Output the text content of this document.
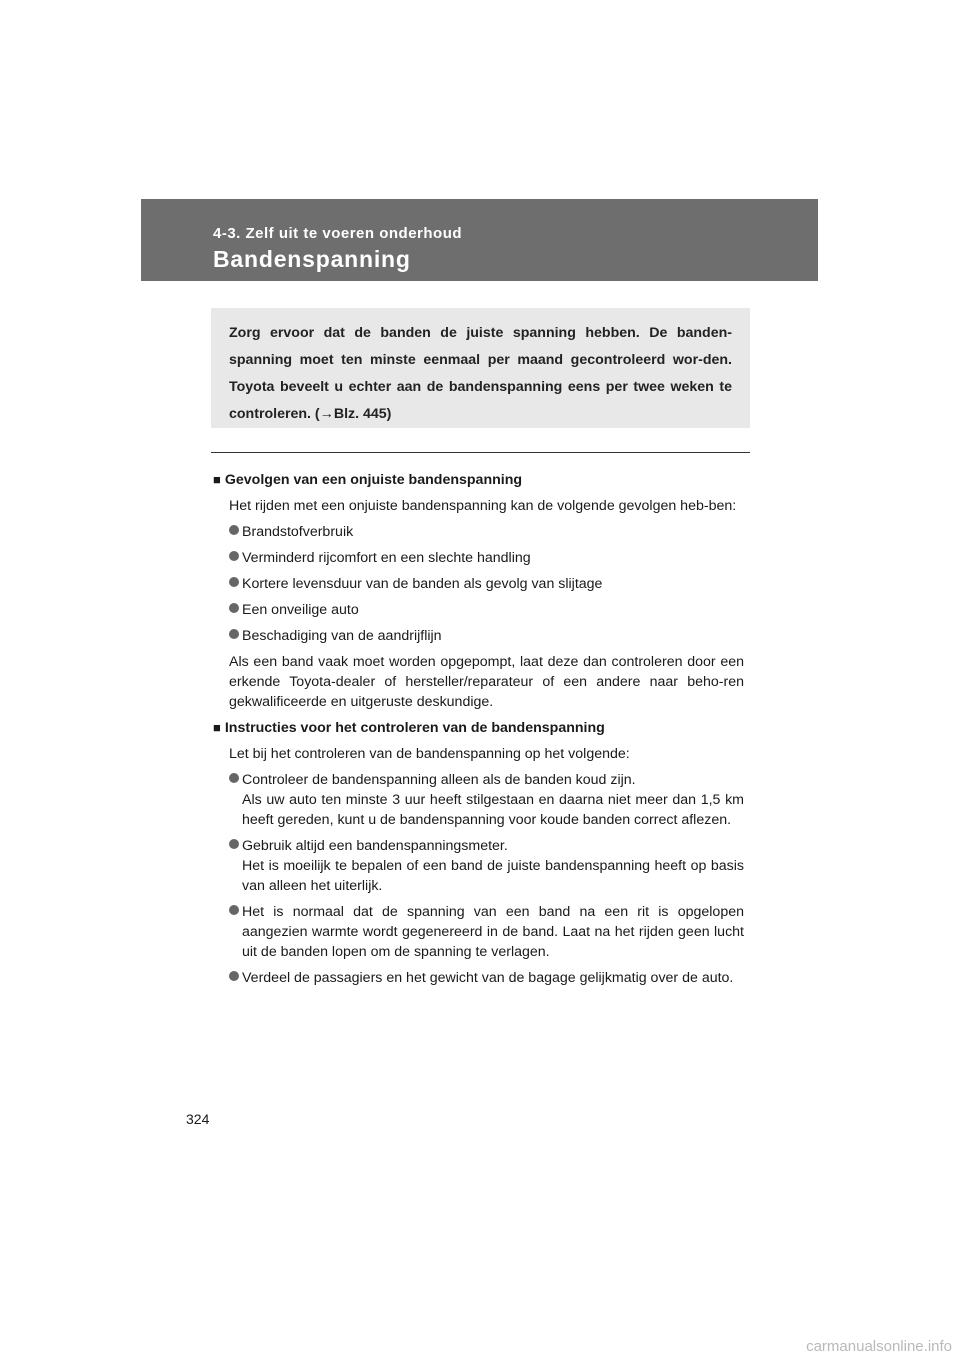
4-3. Zelf uit te voeren onderhoud
Bandenspanning

Zorg ervoor dat de banden de juiste spanning hebben. De banden-spanning moet ten minste eenmaal per maand gecontroleerd wor-den. Toyota beveelt u echter aan de bandenspanning eens per twee weken te controleren. (→Blz. 445)

■ Gevolgen van een onjuiste bandenspanning

Het rijden met een onjuiste bandenspanning kan de volgende gevolgen heb-ben:

Brandstofverbruik
Verminderd rijcomfort en een slechte handling
Kortere levensduur van de banden als gevolg van slijtage
Een onveilige auto
Beschadiging van de aandrijflijn

Als een band vaak moet worden opgepompt, laat deze dan controleren door een erkende Toyota-dealer of hersteller/reparateur of een andere naar beho-ren gekwalificeerde en uitgeruste deskundige.

■ Instructies voor het controleren van de bandenspanning

Let bij het controleren van de bandenspanning op het volgende:

Controleer de bandenspanning alleen als de banden koud zijn.
Als uw auto ten minste 3 uur heeft stilgestaan en daarna niet meer dan 1,5 km heeft gereden, kunt u de bandenspanning voor koude banden correct aflezen.
Gebruik altijd een bandenspanningsmeter.
Het is moeilijk te bepalen of een band de juiste bandenspanning heeft op basis van alleen het uiterlijk.
Het is normaal dat de spanning van een band na een rit is opgelopen aangezien warmte wordt gegenereerd in de band. Laat na het rijden geen lucht uit de banden lopen om de spanning te verlagen.
Verdeel de passagiers en het gewicht van de bagage gelijkmatig over de auto.
324
carmanualsonline.info
